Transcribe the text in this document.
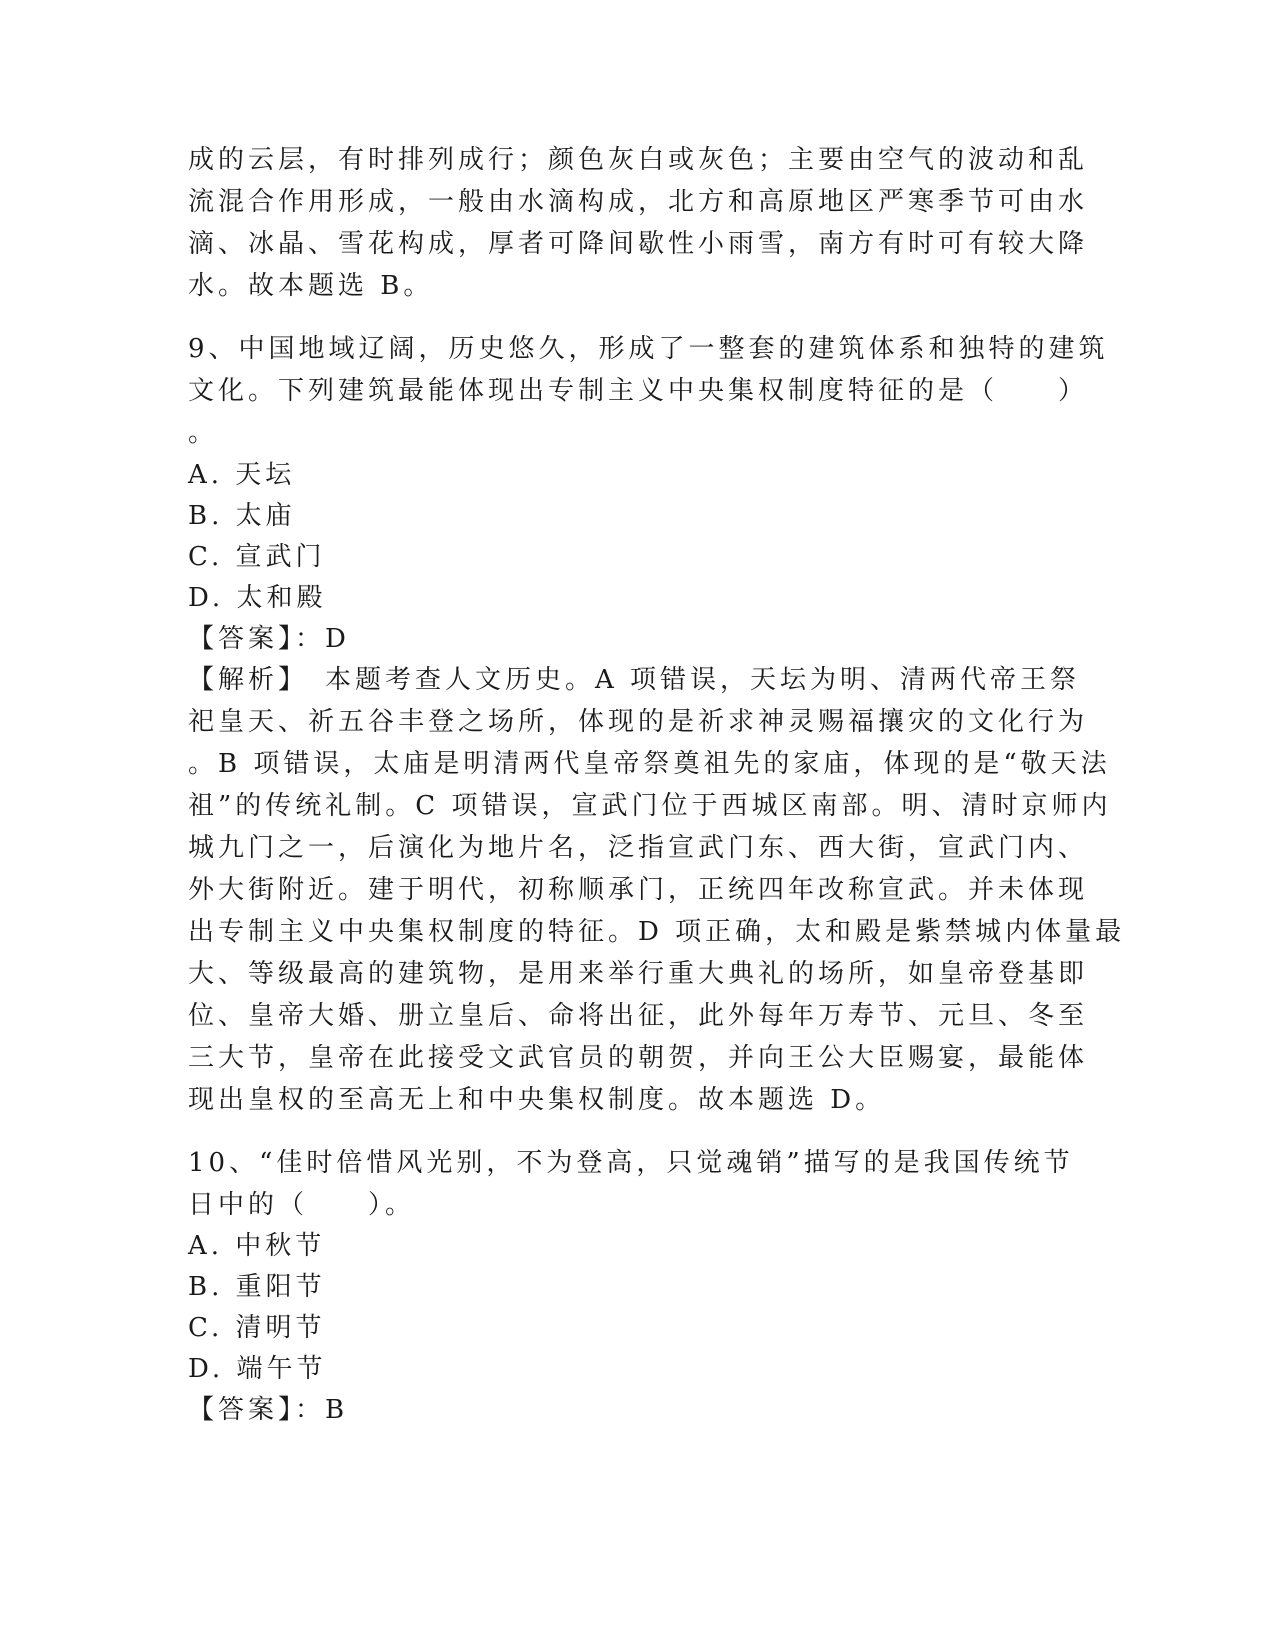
成的云层，有时排列成行；颜色灰白或灰色；主要由空气的波动和乱
流混合作用形成，一般由水滴构成，北方和高原地区严寒季节可由水
滴、冰晶、雪花构成，厚者可降间歇性小雨雪，南方有时可有较大降
水。故本题选 B。
9、中国地域辽阔，历史悠久，形成了一整套的建筑体系和独特的建筑
文化。下列建筑最能体现出专制主义中央集权制度特征的是（　　）
。
A. 天坛
B. 太庙
C. 宣武门
D. 太和殿
【答案】：D
【解析】　本题考查人文历史。A 项错误，天坛为明、清两代帝王祭
祀皇天、祈五谷丰登之场所，体现的是祈求神灵赐福攘灾的文化行为
。B 项错误，太庙是明清两代皇帝祭奠祖先的家庙，体现的是“敬天法
祖”的传统礼制。C 项错误，宣武门位于西城区南部。明、清时京师内
城九门之一，后演化为地片名，泛指宣武门东、西大街，宣武门内、
外大街附近。建于明代，初称顺承门，正统四年改称宣武。并未体现
出专制主义中央集权制度的特征。D 项正确，太和殿是紫禁城内体量最
大、等级最高的建筑物，是用来举行重大典礼的场所，如皇帝登基即
位、皇帝大婚、册立皇后、命将出征，此外每年万寿节、元旦、冬至
三大节，皇帝在此接受文武官员的朝贺，并向王公大臣赐宴，最能体
现出皇权的至高无上和中央集权制度。故本题选 D。
10、“佳时倍惜风光别，不为登高，只觉魂销”描写的是我国传统节
日中的（　　）。
A. 中秋节
B. 重阳节
C. 清明节
D. 端午节
【答案】：B
